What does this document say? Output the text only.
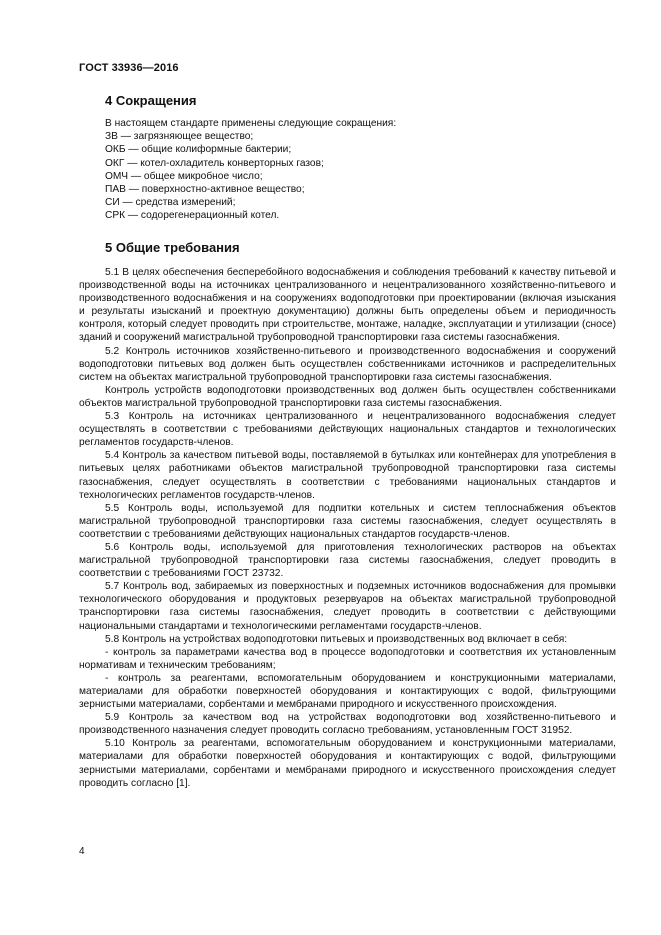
ГОСТ 33936—2016
4 Сокращения
В настоящем стандарте применены следующие сокращения:
ЗВ — загрязняющее вещество;
ОКБ — общие колиформные бактерии;
ОКГ — котел-охладитель конверторных газов;
ОМЧ — общее микробное число;
ПАВ — поверхностно-активное вещество;
СИ — средства измерений;
СРК — содорегенерационный котел.
5 Общие требования

5.1 В целях обеспечения бесперебойного водоснабжения и соблюдения требований к качеству питьевой и производственной воды на источниках централизованного и нецентрализованного хозяйственно-питьевого и производственного водоснабжения и на сооружениях водоподготовки при проектировании (включая изыскания и результаты изысканий и проектную документацию) должны быть определены объем и периодичность контроля, который следует проводить при строительстве, монтаже, наладке, эксплуатации и утилизации (сносе) зданий и сооружений магистральной трубопроводной транспортировки газа системы газоснабжения.

5.2 Контроль источников хозяйственно-питьевого и производственного водоснабжения и сооружений водоподготовки питьевых вод должен быть осуществлен собственниками источников и распределительных систем на объектах магистральной трубопроводной транспортировки газа системы газоснабжения.

Контроль устройств водоподготовки производственных вод должен быть осуществлен собственниками объектов магистральной трубопроводной транспортировки газа системы газоснабжения.

5.3 Контроль на источниках централизованного и нецентрализованного водоснабжения следует осуществлять в соответствии с требованиями действующих национальных стандартов и технологических регламентов государств-членов.

5.4 Контроль за качеством питьевой воды, поставляемой в бутылках или контейнерах для употребления в питьевых целях работниками объектов магистральной трубопроводной транспортировки газа системы газоснабжения, следует осуществлять в соответствии с требованиями национальных стандартов и технологических регламентов государств-членов.

5.5 Контроль воды, используемой для подпитки котельных и систем теплоснабжения объектов магистральной трубопроводной транспортировки газа системы газоснабжения, следует осуществлять в соответствии с требованиями действующих национальных стандартов государств-членов.

5.6 Контроль воды, используемой для приготовления технологических растворов на объектах магистральной трубопроводной транспортировки газа системы газоснабжения, следует проводить в соответствии с требованиями ГОСТ 23732.

5.7 Контроль вод, забираемых из поверхностных и подземных источников водоснабжения для промывки технологического оборудования и продуктовых резервуаров на объектах магистральной трубопроводной транспортировки газа системы газоснабжения, следует проводить в соответствии с действующими национальными стандартами и технологическими регламентами государств-членов.

5.8 Контроль на устройствах водоподготовки питьевых и производственных вод включает в себя:

- контроль за параметрами качества вод в процессе водоподготовки и соответствия их установленным нормативам и техническим требованиям;

- контроль за реагентами, вспомогательным оборудованием и конструкционными материалами, материалами для обработки поверхностей оборудования и контактирующих с водой, фильтрующими зернистыми материалами, сорбентами и мембранами природного и искусственного происхождения.

5.9 Контроль за качеством вод на устройствах водоподготовки вод хозяйственно-питьевого и производственного назначения следует проводить согласно требованиям, установленным ГОСТ 31952.

5.10 Контроль за реагентами, вспомогательным оборудованием и конструкционными материалами, материалами для обработки поверхностей оборудования и контактирующих с водой, фильтрующими зернистыми материалами, сорбентами и мембранами природного и искусственного происхождения следует проводить согласно [1].

4
